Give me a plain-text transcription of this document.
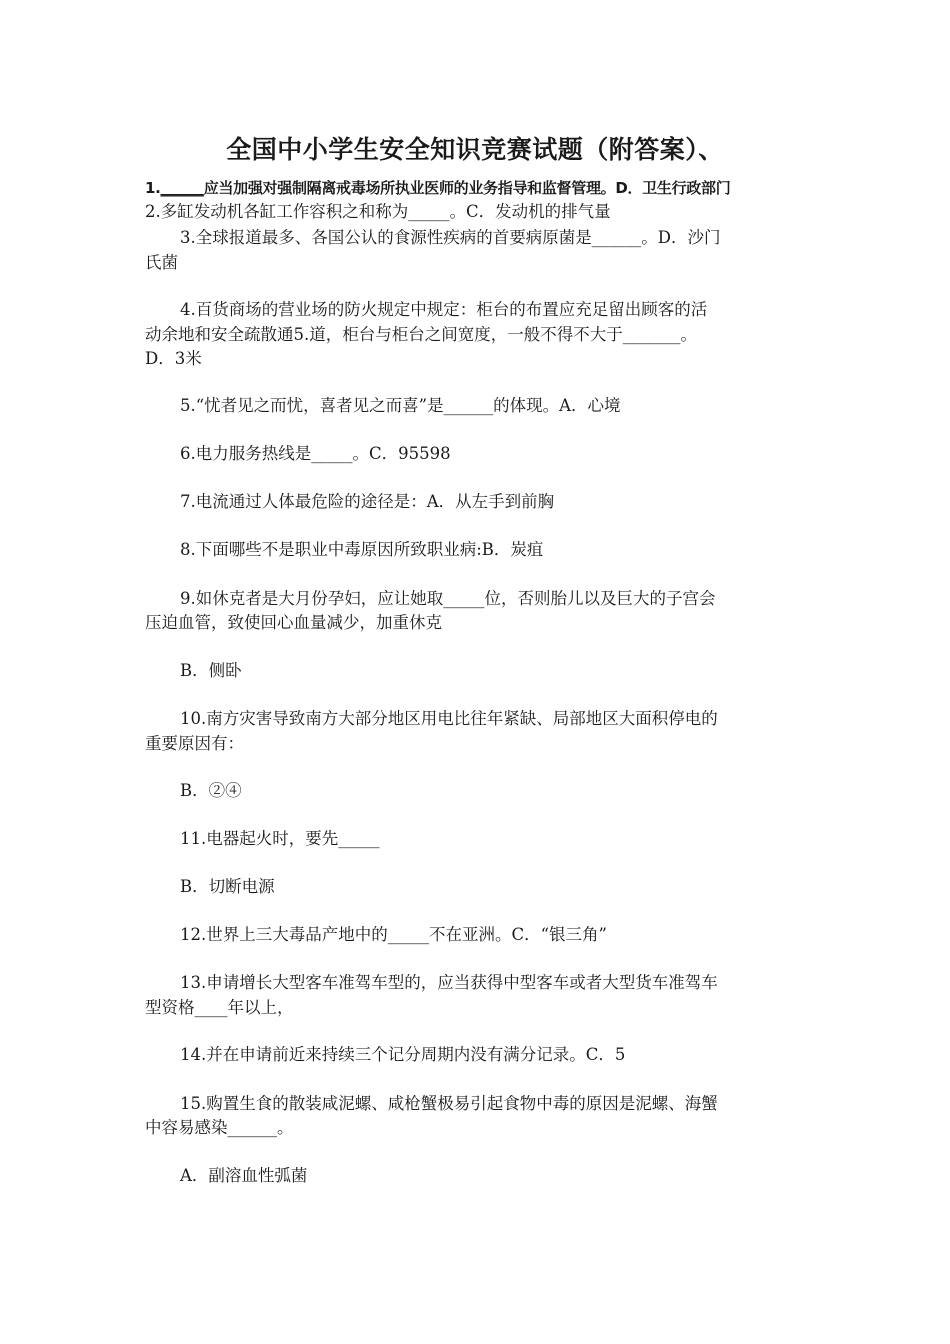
全国中小学生安全知识竞赛试题（附答案）、
1.______应当加强对强制隔离戒毒场所执业医师的业务指导和监督管理。D．卫生行政部门
2.多缸发动机各缸工作容积之和称为_____。C．发动机的排气量
3.全球报道最多、各国公认的食源性疾病的首要病原菌是______。D．沙门
氏菌
4.百货商场的营业场的防火规定中规定：柜台的布置应充足留出顾客的活
动余地和安全疏散通5.道，柜台与柜台之间宽度，一般不得不大于_______。
D．3米
5.“忧者见之而忧，喜者见之而喜”是______的体现。A．心境
6.电力服务热线是_____。C．95598
7.电流通过人体最危险的途径是：A．从左手到前胸
8.下面哪些不是职业中毒原因所致职业病:B．炭疽
9.如休克者是大月份孕妇，应让她取_____位，否则胎儿以及巨大的子宫会
压迫血管，致使回心血量减少，加重休克
B．侧卧
10.南方灾害导致南方大部分地区用电比往年紧缺、局部地区大面积停电的
重要原因有：
B．②④
11.电器起火时，要先_____
B．切断电源
12.世界上三大毒品产地中的_____不在亚洲。C．“银三角”
13.申请增长大型客车准驾车型的，应当获得中型客车或者大型货车准驾车
型资格____年以上，
14.并在申请前近来持续三个记分周期内没有满分记录。C．5
15.购置生食的散装咸泥螺、咸枪蟹极易引起食物中毒的原因是泥螺、海蟹
中容易感染______。
A．副溶血性弧菌
